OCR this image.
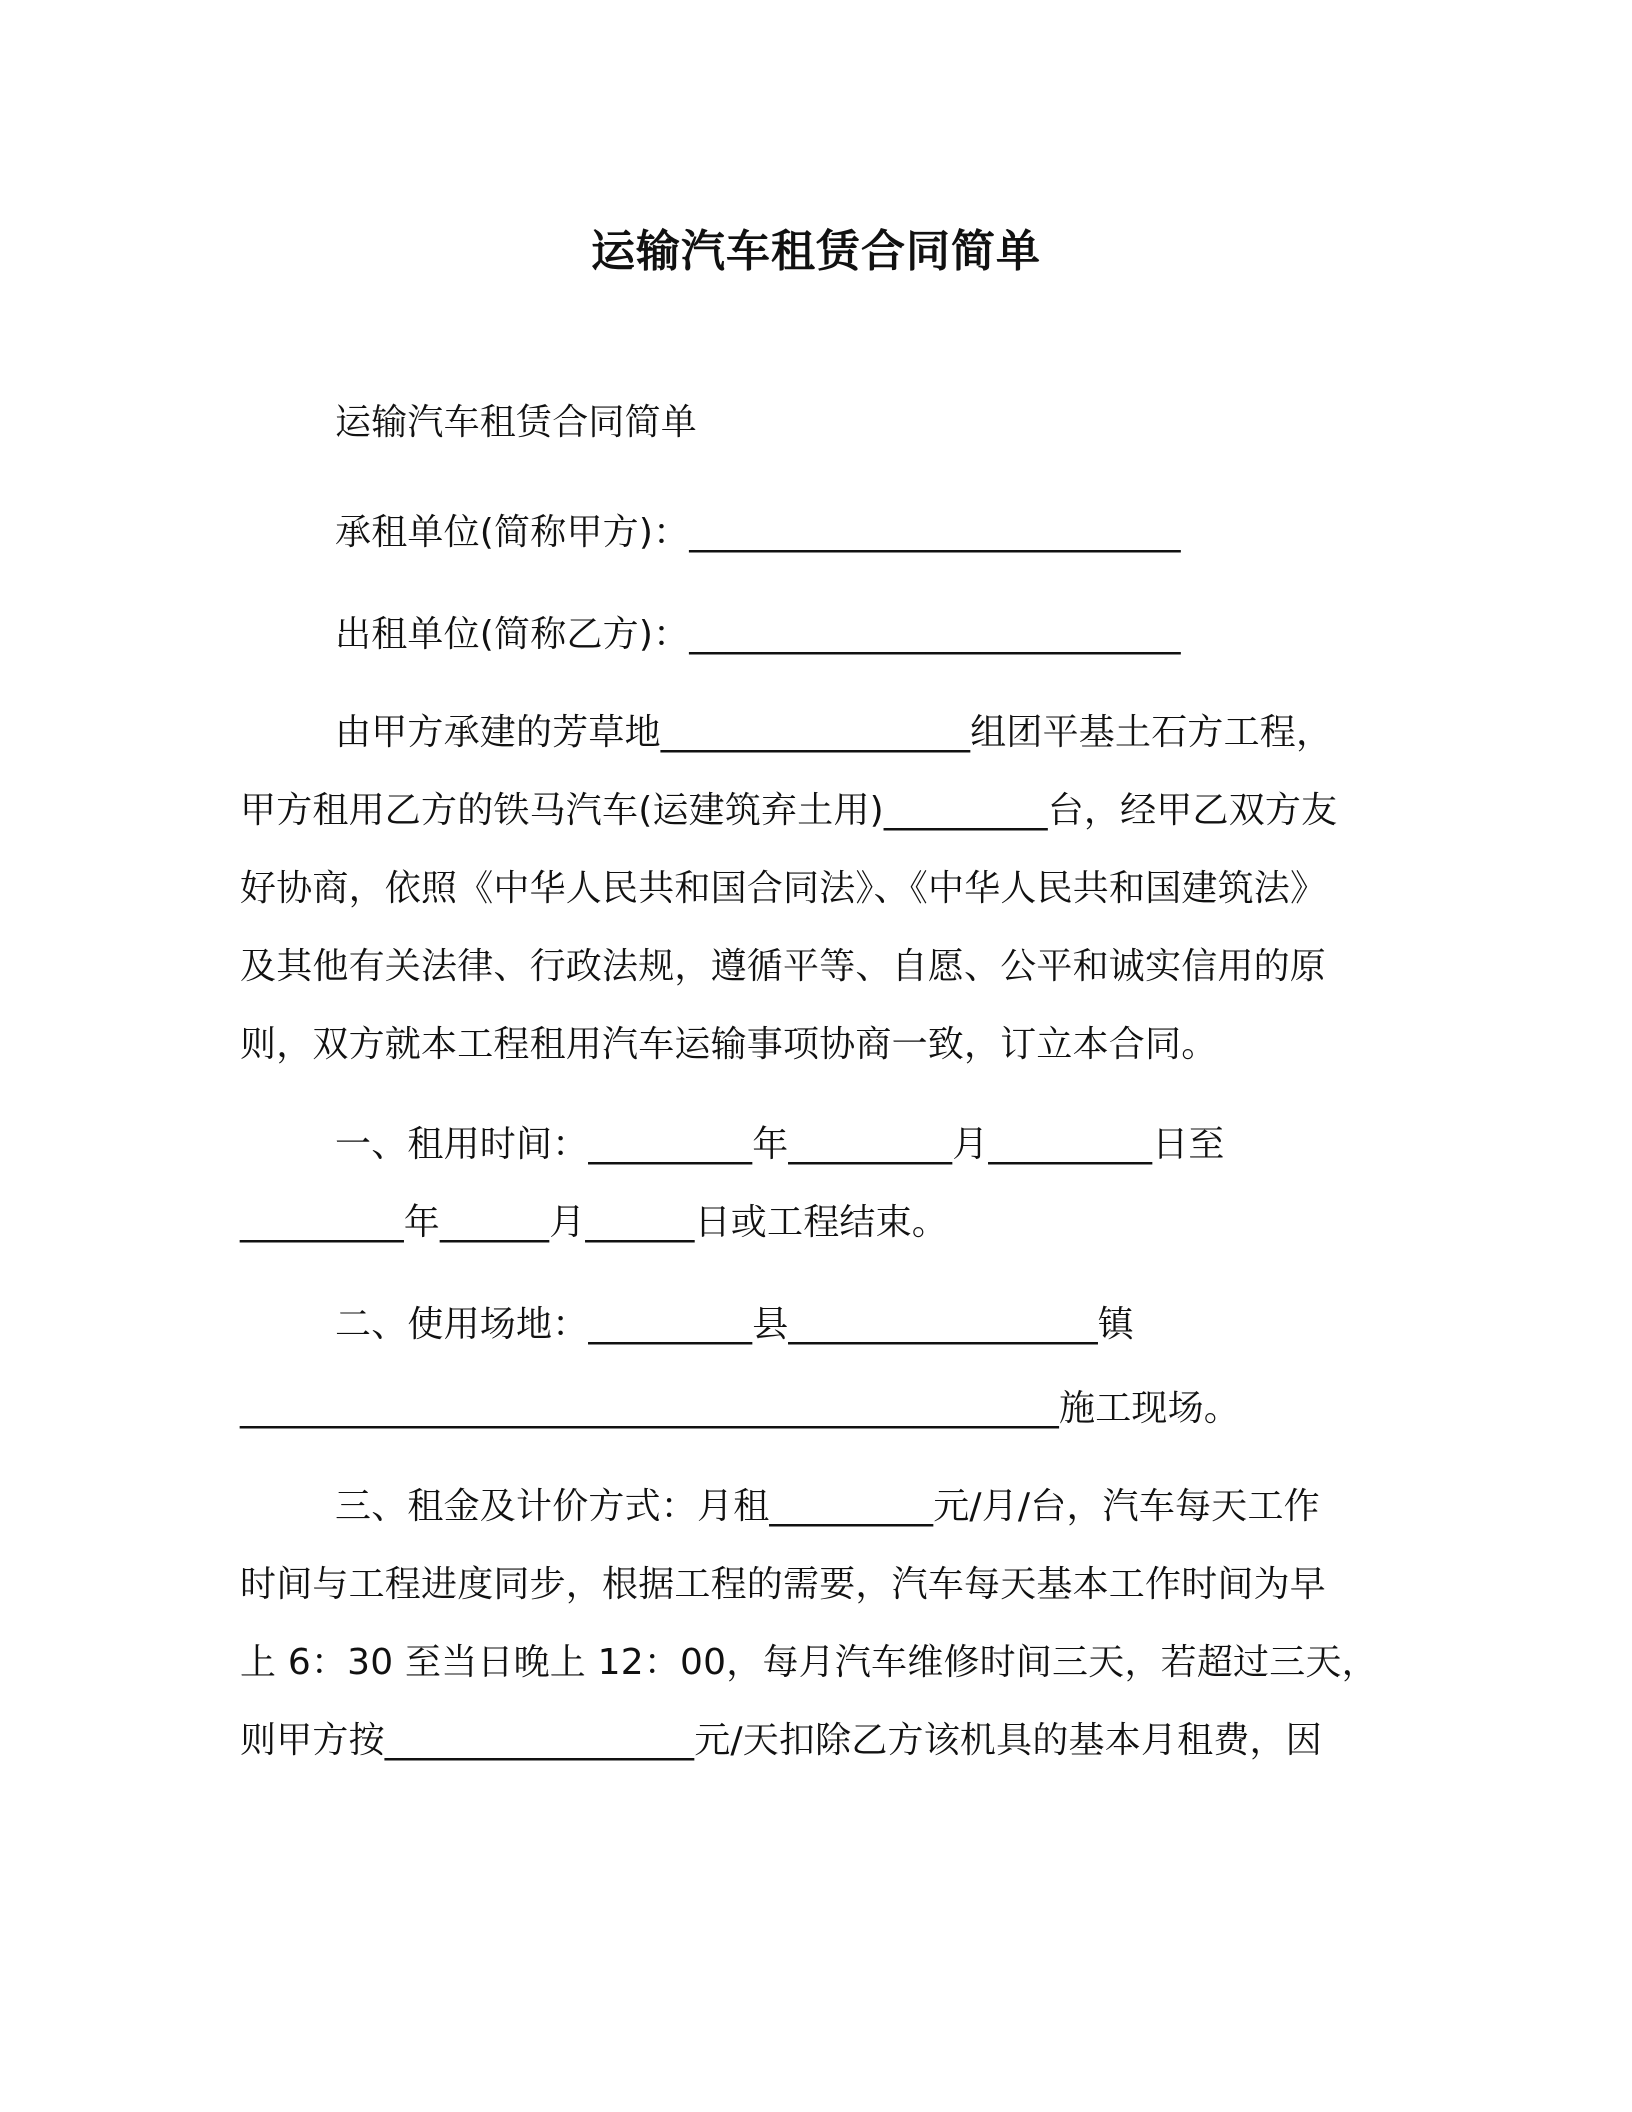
运输汽车租赁合同简单
运输汽车租赁合同简单
承租单位(简称甲方)：___________________________
出租单位(简称乙方)：___________________________
由甲方承建的芳草地_________________组团平基土石方工程，
甲方租用乙方的铁马汽车(运建筑弃土用)_________台，经甲乙双方友
好协商，依照《中华人民共和国合同法》、《中华人民共和国建筑法》
及其他有关法律、行政法规，遵循平等、自愿、公平和诚实信用的原
则，双方就本工程租用汽车运输事项协商一致，订立本合同。
一、租用时间：_________年_________月_________日至
_________年______月______日或工程结束。
二、使用场地：_________县_________________镇
_____________________________________________施工现场。
三、租金及计价方式：月租_________元/月/台，汽车每天工作
时间与工程进度同步，根据工程的需要，汽车每天基本工作时间为早
上 6：30 至当日晚上 12：00，每月汽车维修时间三天，若超过三天，
则甲方按_________________元/天扣除乙方该机具的基本月租费，因
